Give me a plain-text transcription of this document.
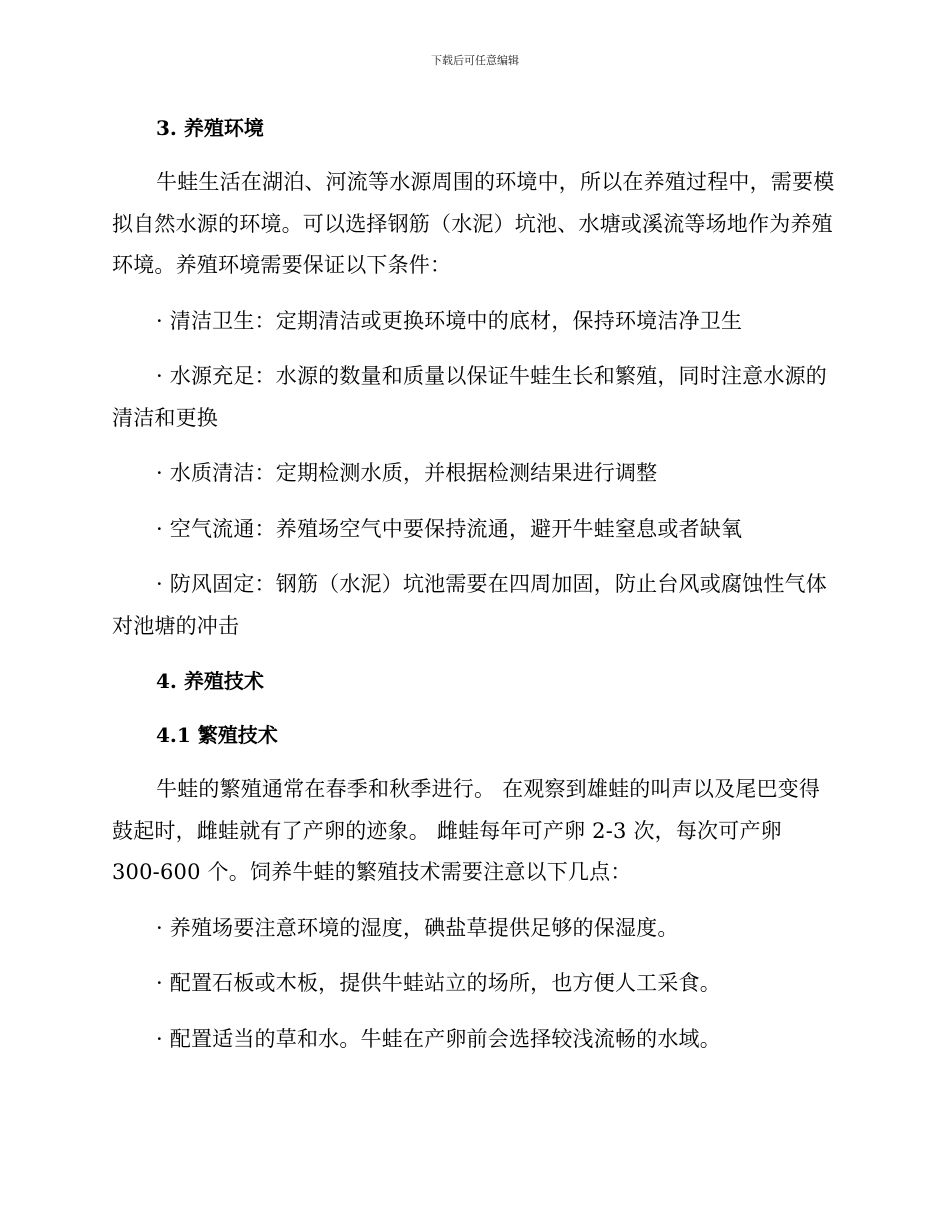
下载后可任意编辑
3. 养殖环境

牛蛙生活在湖泊、河流等水源周围的环境中，所以在养殖过程中，需要模拟自然水源的环境。可以选择钢筋（水泥）坑池、水塘或溪流等场地作为养殖环境。养殖环境需要保证以下条件：

· 清洁卫生：定期清洁或更换环境中的底材，保持环境洁净卫生

· 水源充足：水源的数量和质量以保证牛蛙生长和繁殖，同时注意水源的清洁和更换

· 水质清洁：定期检测水质，并根据检测结果进行调整

· 空气流通：养殖场空气中要保持流通，避开牛蛙窒息或者缺氧

· 防风固定：钢筋（水泥）坑池需要在四周加固，防止台风或腐蚀性气体对池塘的冲击

4. 养殖技术
4.1 繁殖技术

牛蛙的繁殖通常在春季和秋季进行。 在观察到雄蛙的叫声以及尾巴变得鼓起时，雌蛙就有了产卵的迹象。 雌蛙每年可产卵 2-3 次，每次可产卵 300-600 个。饲养牛蛙的繁殖技术需要注意以下几点：

· 养殖场要注意环境的湿度，碘盐草提供足够的保湿度。

· 配置石板或木板，提供牛蛙站立的场所，也方便人工采食。

· 配置适当的草和水。牛蛙在产卵前会选择较浅流畅的水域。
